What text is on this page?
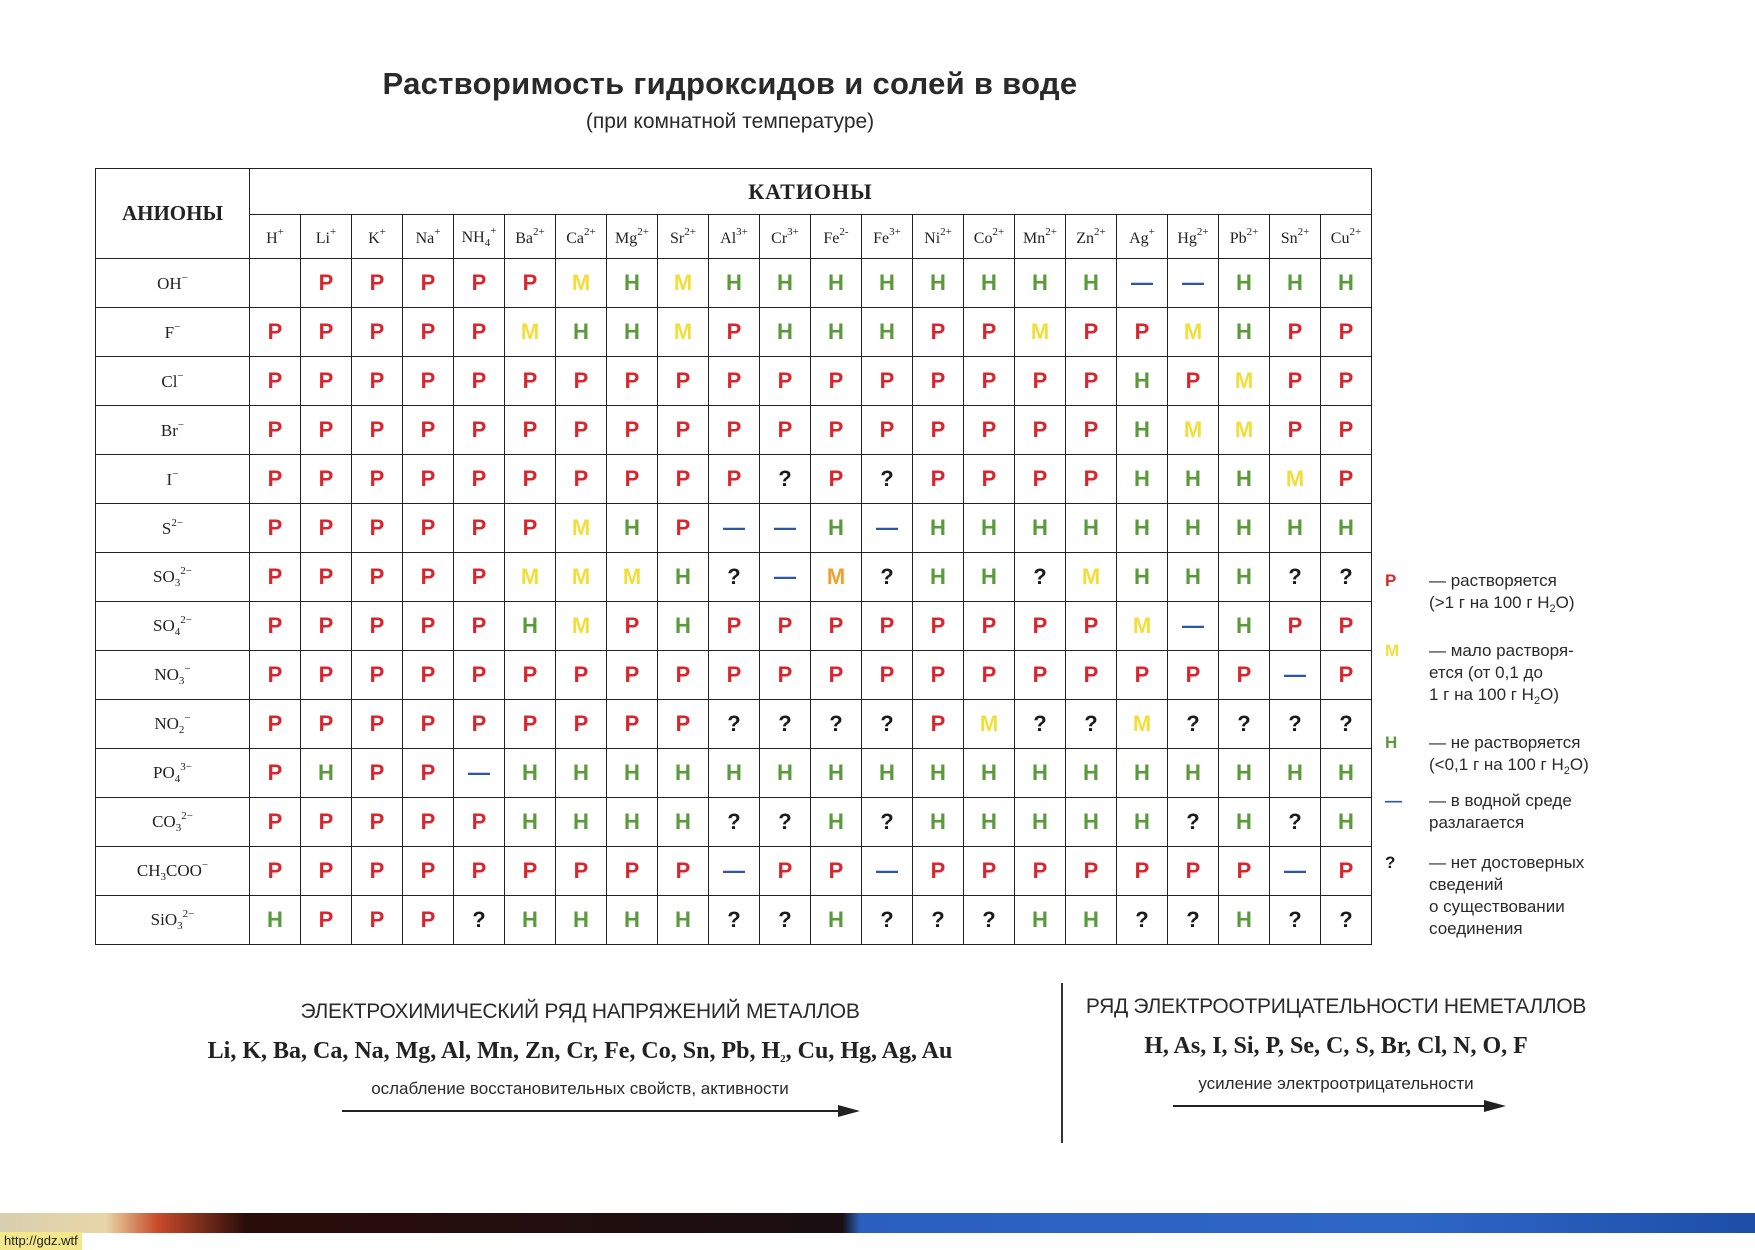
Растворимость гидроксидов и солей в воде
(при комнатной температуре)
АНИОНЫ	КАТИОНЫ																					
	H+	Li+	K+	Na+	$NH_4^+$	$Ba^{2+}$	$Ca^{2+}$	$Mg^{2+}$	$Sr^{2+}$	$Al^{3+}$	$Cr^{3+}$	$Fe^{2-}$	$Fe^{3+}$	$Ni^{2+}$	$Co^{2+}$	$Mn^{2+}$	$Zn^{2+}$	Ag+	$Hg^{2+}$	$Pb^{2+}$	$Sn^{2+}$	$Cu^{2+}$
OH−		Р	Р	Р	Р	Р	М	Н	М	Н	Н	Н	Н	Н	Н	Н	Н	—	—	Н	Н	Н
F−	Р	Р	Р	Р	Р	М	Н	Н	М	Р	Н	Н	Н	Р	Р	М	Р	Р	М	Н	Р	Р
Cl−	Р	Р	Р	Р	Р	Р	Р	Р	Р	Р	Р	Р	Р	Р	Р	Р	Р	Н	Р	М	Р	Р
Br−	Р	Р	Р	Р	Р	Р	Р	Р	Р	Р	Р	Р	Р	Р	Р	Р	Р	Н	М	М	Р	Р
I−	Р	Р	Р	Р	Р	Р	Р	Р	Р	Р	?	Р	?	Р	Р	Р	Р	Н	Н	Н	М	Р
$S^{2-}$	Р	Р	Р	Р	Р	Р	М	Н	Р	—	—	Н	—	Н	Н	Н	Н	Н	Н	Н	Н	Н
$SO_3^{2-}$	Р	Р	Р	Р	Р	М	М	М	Н	?	—	М	?	Н	Н	?	М	Н	Н	Н	?	?
$SO_4^{2-}$	Р	Р	Р	Р	Р	Н	М	Р	Н	Р	Р	Р	Р	Р	Р	Р	Р	М	—	Н	Р	Р
$NO_3^-$	Р	Р	Р	Р	Р	Р	Р	Р	Р	Р	Р	Р	Р	Р	Р	Р	Р	Р	Р	Р	—	Р
$NO_2^-$	Р	Р	Р	Р	Р	Р	Р	Р	Р	?	?	?	?	Р	М	?	?	М	?	?	?	?
$PO_4^{3-}$	Р	Н	Р	Р	—	Н	Н	Н	Н	Н	Н	Н	Н	Н	Н	Н	Н	Н	Н	Н	Н	Н
$CO_3^{2-}$	Р	Р	Р	Р	Р	Н	Н	Н	Н	?	?	Н	?	Н	Н	Н	Н	Н	?	Н	?	Н
$CH_3COO^-$	Р	Р	Р	Р	Р	Р	Р	Р	Р	—	Р	Р	—	Р	Р	Р	Р	Р	Р	Р	—	Р
SiO$_3^{2-}$	Н	Р	Р	Р	?	Н	Н	Н	Н	?	?	Н	?	?	?	Н	Н	?	?	Н	?	?
Р — растворяется
(>1 г на 100 г $H_2O$)
М — мало растворя-
ется (от 0,1 до
1 г на 100 г $H_2O$)
Н — не растворяется
(<0,1 г на 100 г $H_2O$)
— — в водной среде
разлагается
? — нет достоверных
сведений
о существовании
соединения
ЭЛЕКТРОХИМИЧЕСКИЙ РЯД НАПРЯЖЕНИЙ МЕТАЛЛОВ
Li, K, Ba, Ca, Na, Mg, Al, Mn, Zn, Cr, Fe, Co, Sn, Pb, $H_2$, Cu, Hg, Ag, Au
ослабление восстановительных свойств, активности
РЯД ЭЛЕКТРООТРИЦАТЕЛЬНОСТИ НЕМЕТАЛЛОВ
H, As, I, Si, P, Se, C, S, Br, Cl, N, O, F
усиление электроотрицательности
http://gdz.wtf
